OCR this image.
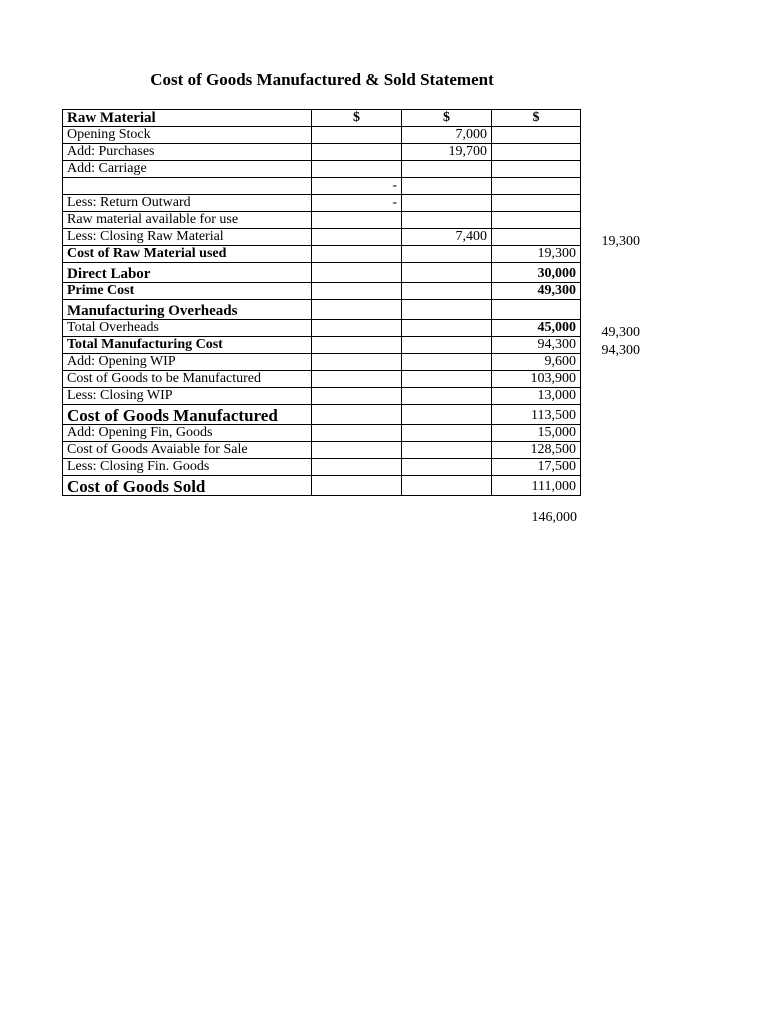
Cost of Goods Manufactured & Sold Statement
Raw Material	$	$	$
Opening Stock		7,000	
Add: Purchases		19,700	
Add: Carriage			
	-		
Less: Return Outward	-		
Raw material available for use			
Less: Closing Raw Material		7,400	
Cost of Raw Material used			19,300
Direct Labor			30,000
Prime Cost			49,300
Manufacturing Overheads			
Total Overheads			45,000
Total Manufacturing Cost			94,300
Add: Opening WIP			9,600
Cost of Goods to be Manufactured			103,900
Less: Closing WIP			13,000
Cost of Goods Manufactured			113,500
Add: Opening Fin, Goods			15,000
Cost of Goods Avaiable for Sale			128,500
Less: Closing Fin. Goods			17,500
Cost of Goods Sold			111,000
146,000
19,300
49,300
94,300
